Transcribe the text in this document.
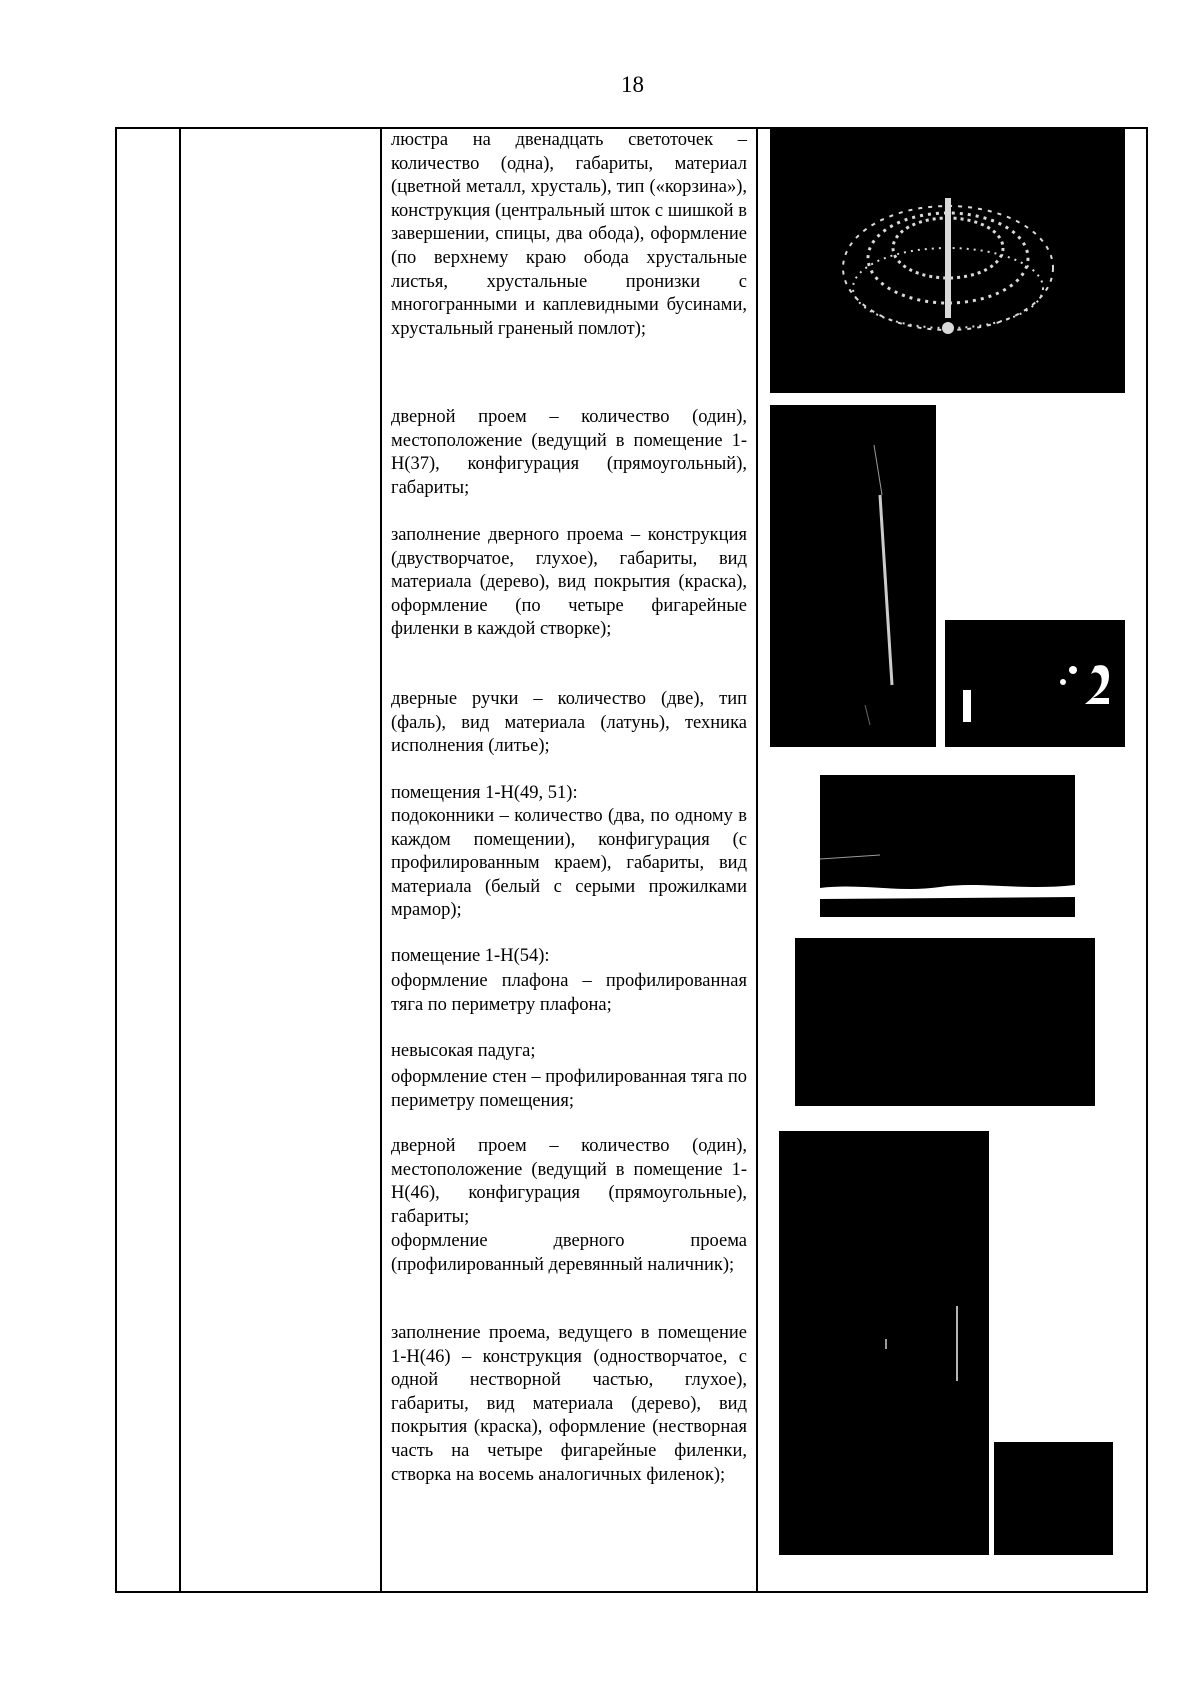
18
люстра на двенадцать светоточек – количество (одна), габариты, материал (цветной металл, хрусталь), тип («корзина»), конструкция (центральный шток с шишкой в завершении, спицы, два обода), оформление (по верхнему краю обода хрустальные листья, хрустальные пронизки с многогранными и каплевидными бусинами, хрустальный граненый помлот);
дверной проем – количество (один), местоположение (ведущий в помещение 1-Н(37), конфигурация (прямоугольный), габариты;
заполнение дверного проема – конструкция (двустворчатое, глухое), габариты, вид материала (дерево), вид покрытия (краска), оформление (по четыре фигарейные филенки в каждой створке);
дверные ручки – количество (две), тип (фаль), вид материала (латунь), техника исполнения (литье);
помещения 1-Н(49, 51):
подоконники – количество (два, по одному в каждом помещении), конфигурация (с профилированным краем), габариты, вид материала (белый с серыми прожилками мрамор);
помещение 1-Н(54):
оформление плафона – профилированная тяга по периметру плафона;
невысокая падуга;
оформление стен – профилированная тяга по периметру помещения;
дверной проем – количество (один), местоположение (ведущий в помещение 1-Н(46), конфигурация (прямоугольные), габариты;
оформление дверного проема (профилированный деревянный наличник);
заполнение проема, ведущего в помещение 1-Н(46) – конструкция (одностворчатое, с одной нестворной частью, глухое), габариты, вид материала (дерево), вид покрытия (краска), оформление (нестворная часть на четыре фигарейные филенки, створка на восемь аналогичных филенок);
